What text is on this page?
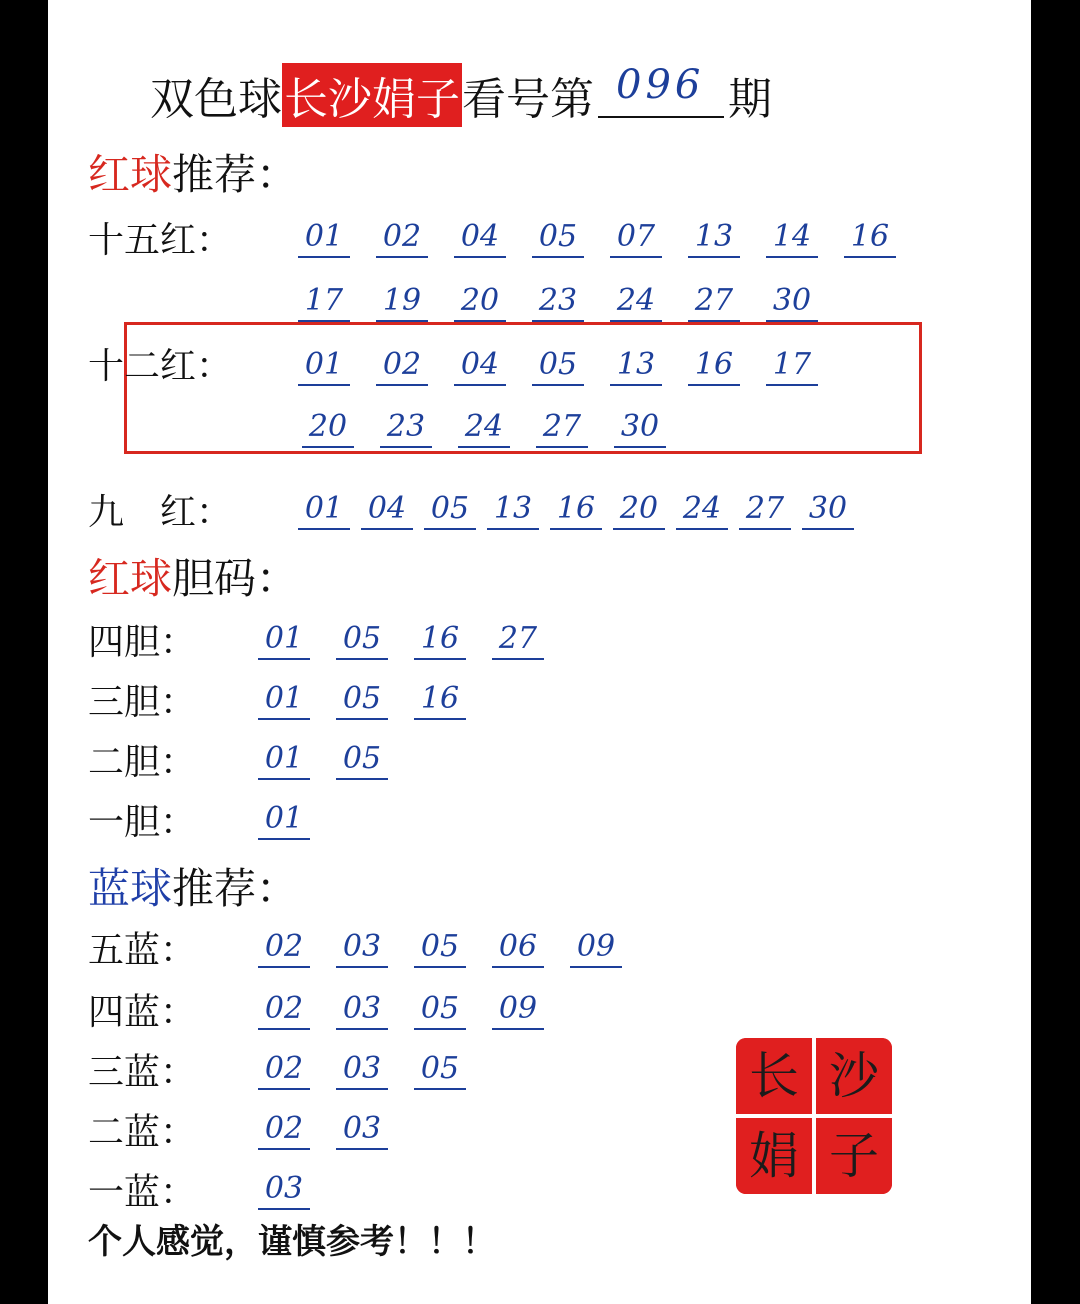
双色球 长沙娟子 看号第 096 期
红球推荐：
十五红： 01 02 04 05 07 13 14 16
17 19 20 23 24 27 30
十二红： 01 02 04 05 13 16 17
20 23 24 27 30
九　红： 01 04 05 13 16 20 24 27 30
红球胆码：
四胆： 01 05 16 27
三胆： 01 05 16
二胆： 01 05
一胆： 01
蓝球推荐：
五蓝： 02 03 05 06 09
四蓝： 02 03 05 09
三蓝： 02 03 05
二蓝： 02 03
一蓝： 03
长 沙
娟 子
个人感觉，谨慎参考！！！
